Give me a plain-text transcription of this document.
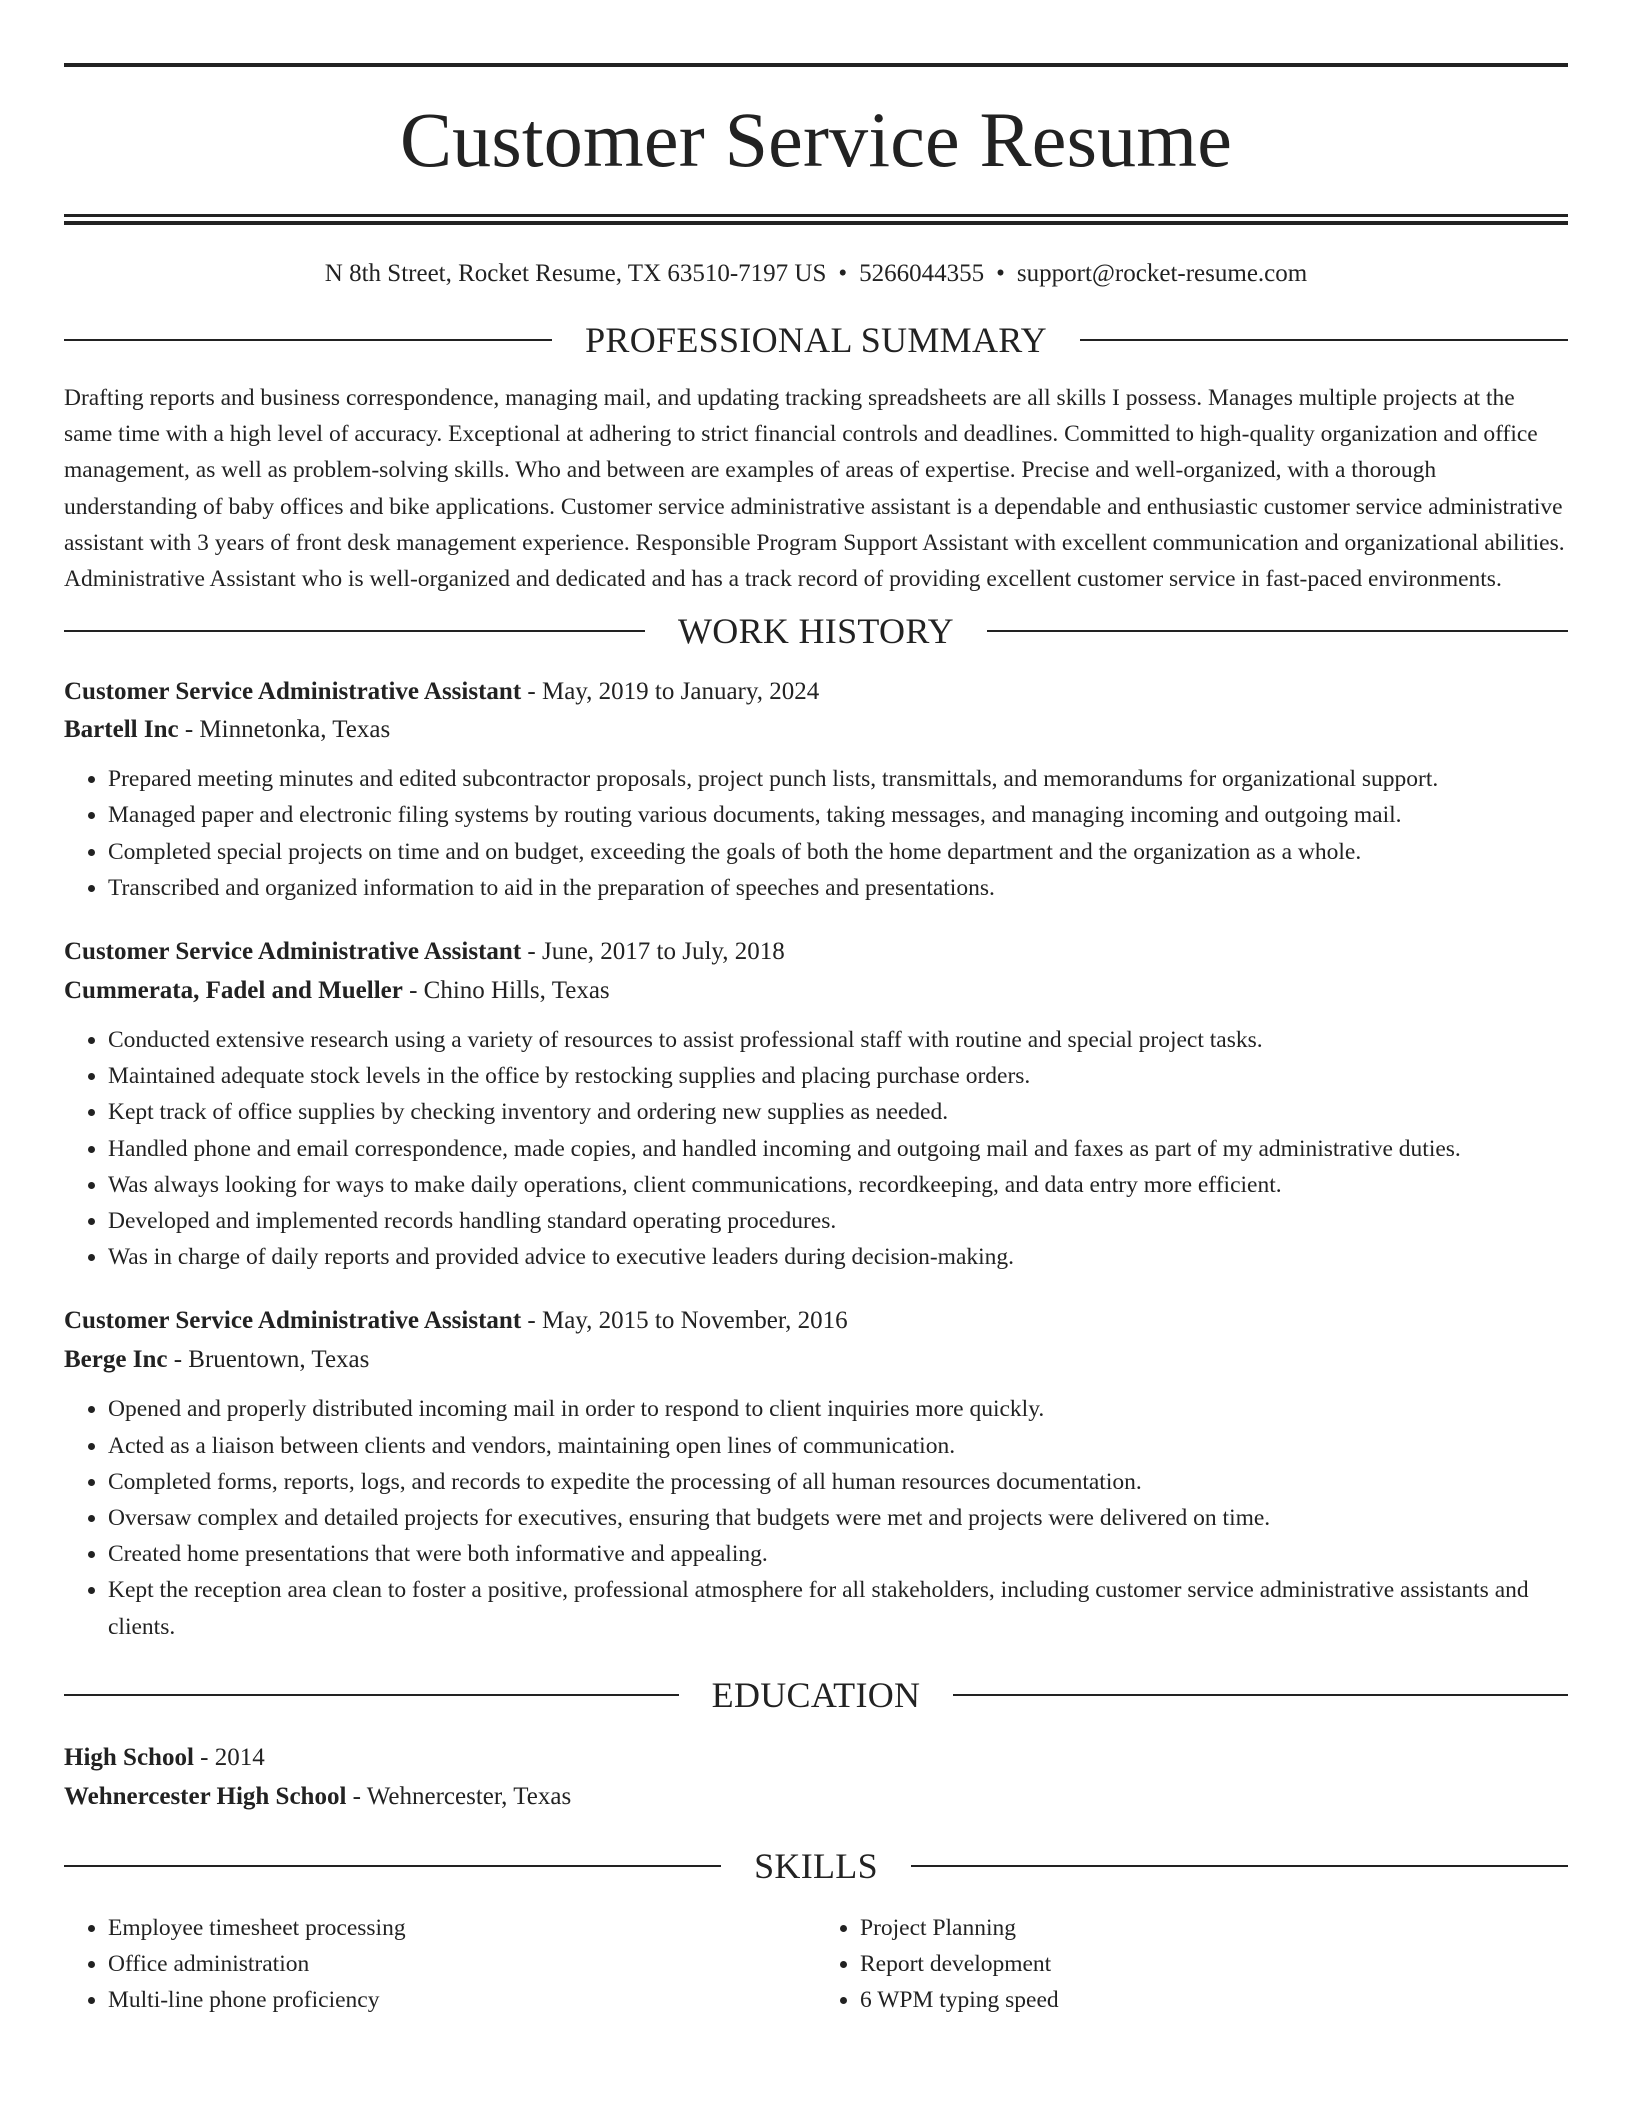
Customer Service Resume
N 8th Street, Rocket Resume, TX 63510-7197 US • 5266044355 • support@rocket-resume.com
PROFESSIONAL SUMMARY

Drafting reports and business correspondence, managing mail, and updating tracking spreadsheets are all skills I possess. Manages multiple projects at the same time with a high level of accuracy. Exceptional at adhering to strict financial controls and deadlines. Committed to high-quality organization and office management, as well as problem-solving skills. Who and between are examples of areas of expertise. Precise and well-organized, with a thorough understanding of baby offices and bike applications. Customer service administrative assistant is a dependable and enthusiastic customer service administrative assistant with 3 years of front desk management experience. Responsible Program Support Assistant with excellent communication and organizational abilities. Administrative Assistant who is well-organized and dedicated and has a track record of providing excellent customer service in fast-paced environments.

WORK HISTORY
Customer Service Administrative Assistant - May, 2019 to January, 2024
Bartell Inc - Minnetonka, Texas
• Prepared meeting minutes and edited subcontractor proposals, project punch lists, transmittals, and memorandums for organizational support.
• Managed paper and electronic filing systems by routing various documents, taking messages, and managing incoming and outgoing mail.
• Completed special projects on time and on budget, exceeding the goals of both the home department and the organization as a whole.
• Transcribed and organized information to aid in the preparation of speeches and presentations.
Customer Service Administrative Assistant - June, 2017 to July, 2018
Cummerata, Fadel and Mueller - Chino Hills, Texas
• Conducted extensive research using a variety of resources to assist professional staff with routine and special project tasks.
• Maintained adequate stock levels in the office by restocking supplies and placing purchase orders.
• Kept track of office supplies by checking inventory and ordering new supplies as needed.
• Handled phone and email correspondence, made copies, and handled incoming and outgoing mail and faxes as part of my administrative duties.
• Was always looking for ways to make daily operations, client communications, recordkeeping, and data entry more efficient.
• Developed and implemented records handling standard operating procedures.
• Was in charge of daily reports and provided advice to executive leaders during decision-making.
Customer Service Administrative Assistant - May, 2015 to November, 2016
Berge Inc - Bruentown, Texas
• Opened and properly distributed incoming mail in order to respond to client inquiries more quickly.
• Acted as a liaison between clients and vendors, maintaining open lines of communication.
• Completed forms, reports, logs, and records to expedite the processing of all human resources documentation.
• Oversaw complex and detailed projects for executives, ensuring that budgets were met and projects were delivered on time.
• Created home presentations that were both informative and appealing.
• Kept the reception area clean to foster a positive, professional atmosphere for all stakeholders, including customer service administrative assistants and clients.
EDUCATION
High School - 2014
Wehnercester High School - Wehnercester, Texas
SKILLS
• Employee timesheet processing
• Office administration
• Multi-line phone proficiency
• Project Planning
• Report development
• 6 WPM typing speed
